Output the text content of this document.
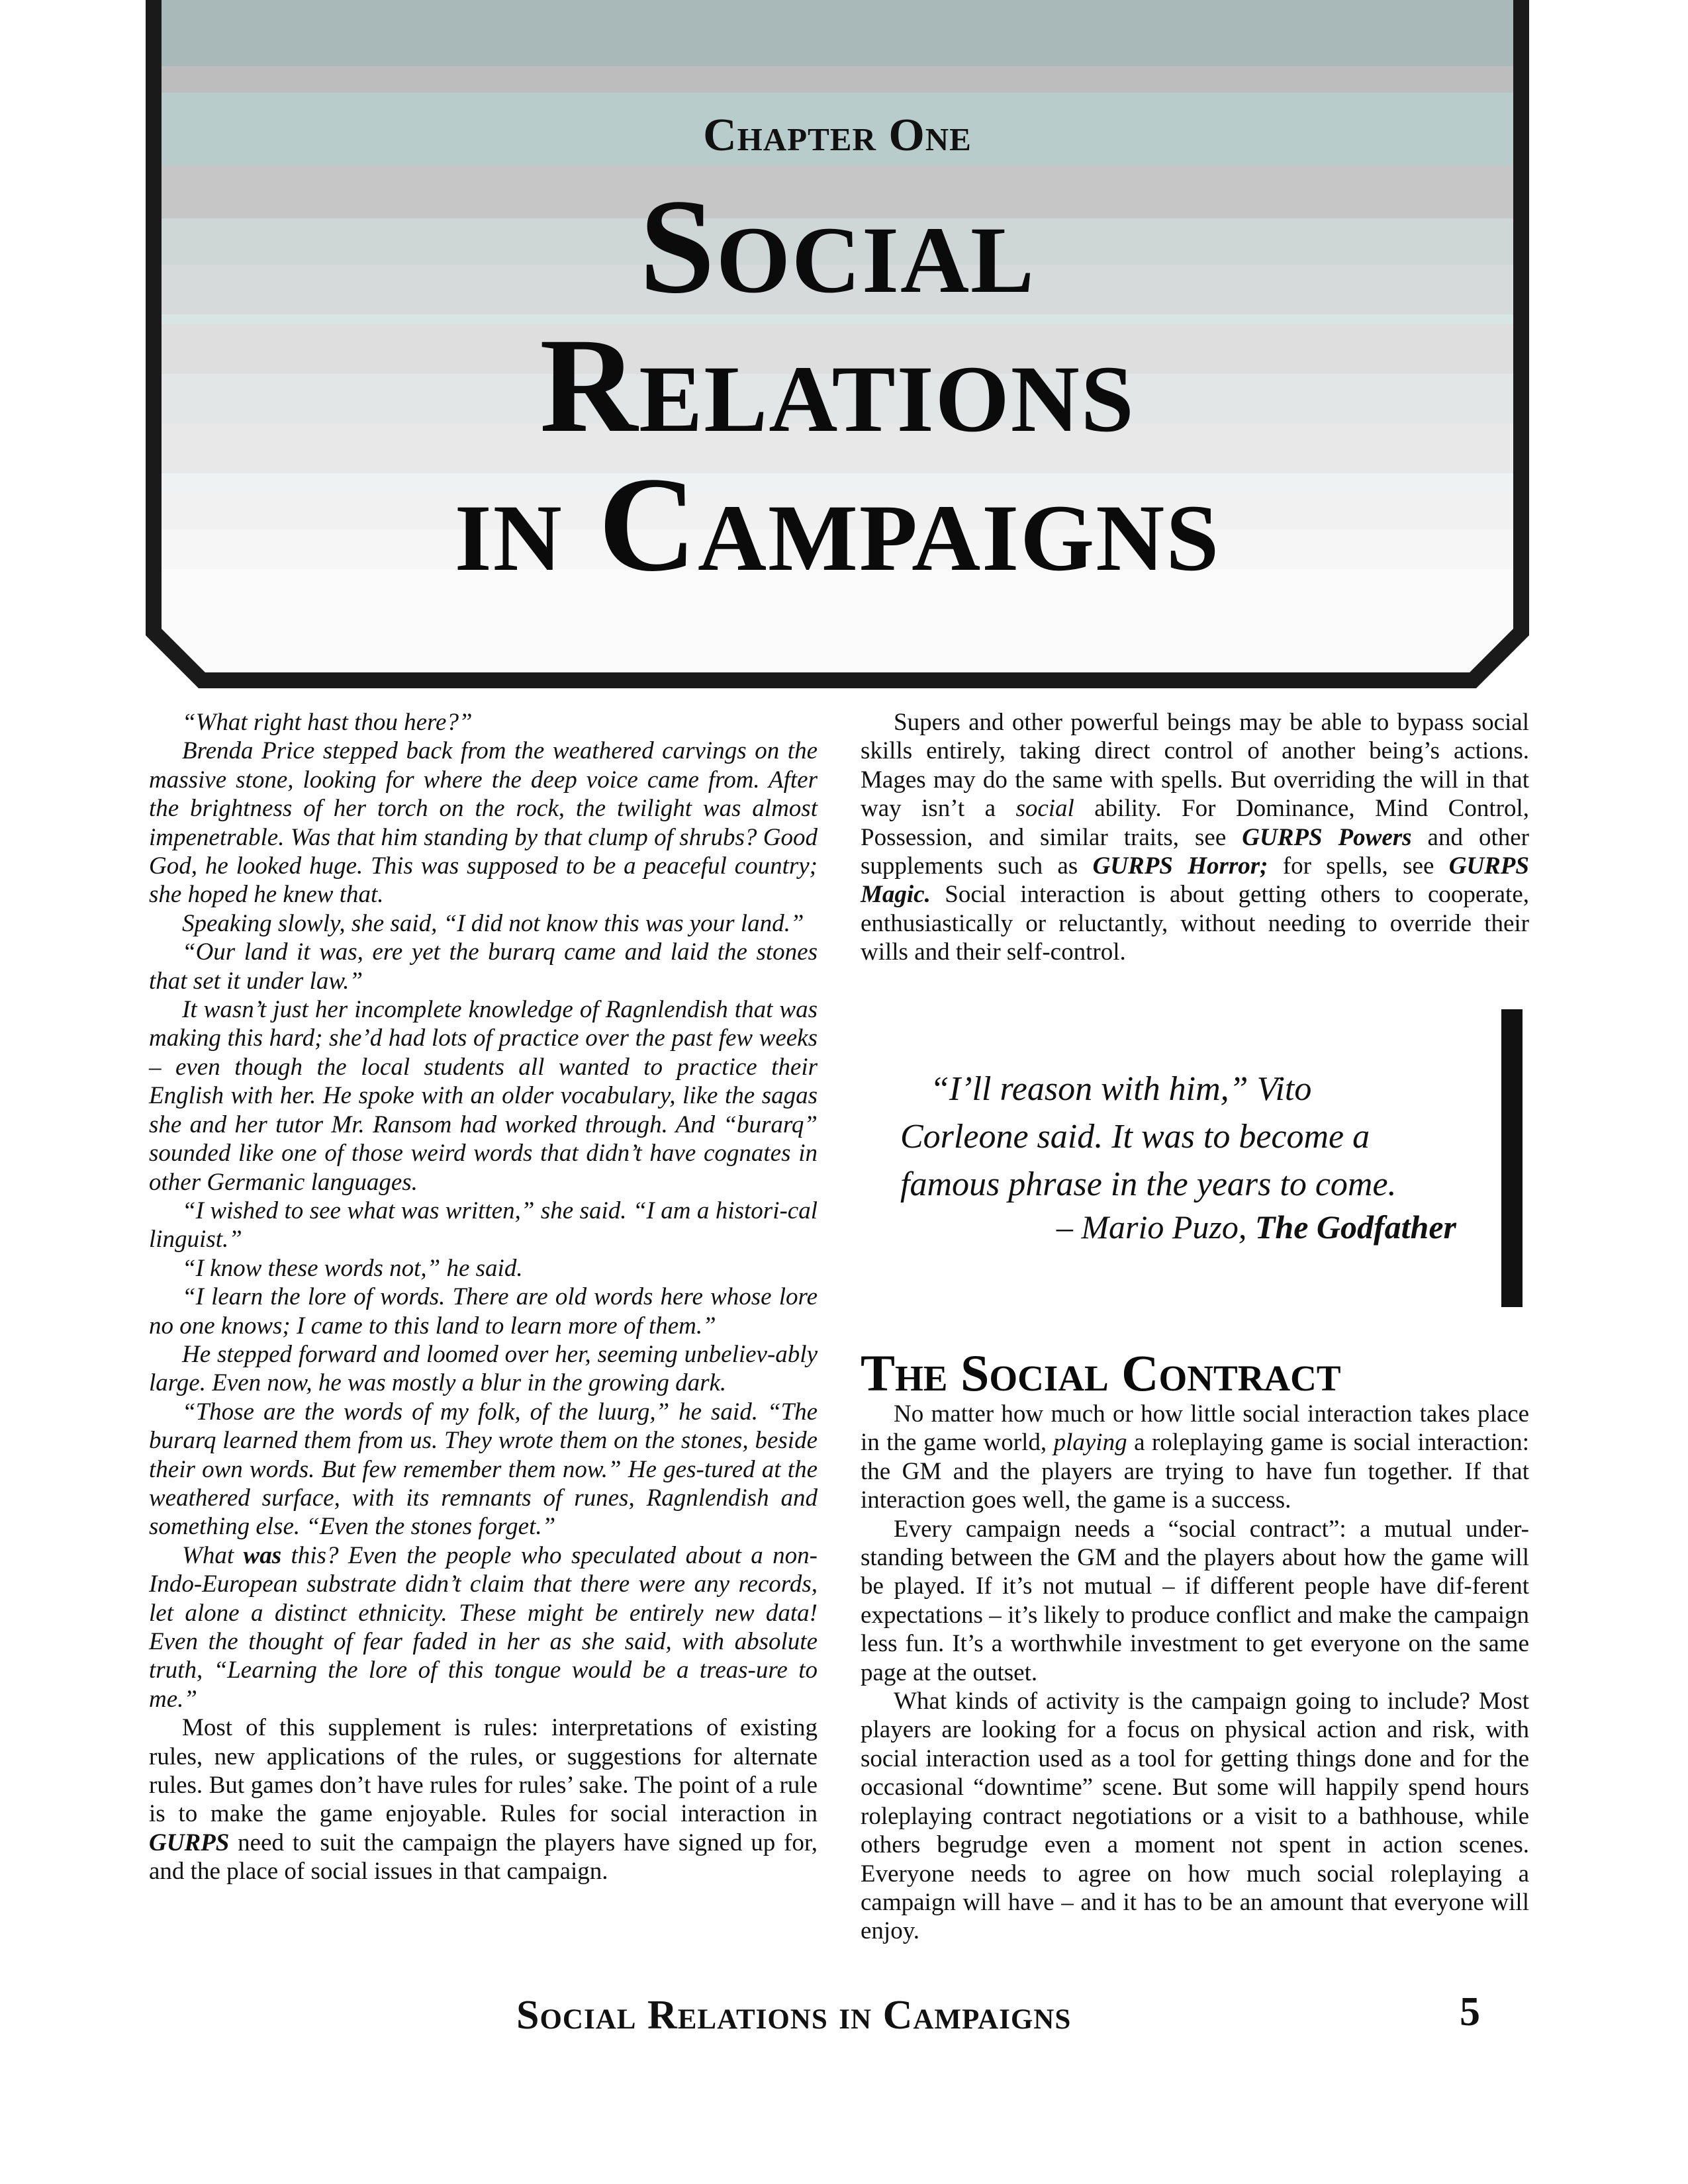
Chapter One
Social
Relations
in Campaigns

“What right hast thou here?”

Brenda Price stepped back from the weathered carvings on the massive stone, looking for where the deep voice came from. After the brightness of her torch on the rock, the twilight was almost impenetrable. Was that him standing by that clump of shrubs? Good God, he looked huge. This was supposed to be a peaceful country; she hoped he knew that.

Speaking slowly, she said, “I did not know this was your land.”

“Our land it was, ere yet the burarq came and laid the stones that set it under law.”

It wasn’t just her incomplete knowledge of Ragnlendish that was making this hard; she’d had lots of practice over the past few weeks – even though the local students all wanted to practice their English with her. He spoke with an older vocabulary, like the sagas she and her tutor Mr. Ransom had worked through. And “burarq” sounded like one of those weird words that didn’t have cognates in other Germanic languages.

“I wished to see what was written,” she said. “I am a histori-cal linguist.”

“I know these words not,” he said.

“I learn the lore of words. There are old words here whose lore no one knows; I came to this land to learn more of them.”

He stepped forward and loomed over her, seeming unbeliev-ably large. Even now, he was mostly a blur in the growing dark.

“Those are the words of my folk, of the luurg,” he said. “The burarq learned them from us. They wrote them on the stones, beside their own words. But few remember them now.” He ges-tured at the weathered surface, with its remnants of runes, Ragnlendish and something else. “Even the stones forget.”

What was this? Even the people who speculated about a non-Indo-European substrate didn’t claim that there were any records, let alone a distinct ethnicity. These might be entirely new data! Even the thought of fear faded in her as she said, with absolute truth, “Learning the lore of this tongue would be a treas-ure to me.”

Most of this supplement is rules: interpretations of existing rules, new applications of the rules, or suggestions for alternate rules. But games don’t have rules for rules’ sake. The point of a rule is to make the game enjoyable. Rules for social interaction in GURPS need to suit the campaign the players have signed up for, and the place of social issues in that campaign.

Supers and other powerful beings may be able to bypass social skills entirely, taking direct control of another being’s actions. Mages may do the same with spells. But overriding the will in that way isn’t a social ability. For Dominance, Mind Control, Possession, and similar traits, see GURPS Powers and other supplements such as GURPS Horror; for spells, see GURPS Magic. Social interaction is about getting others to cooperate, enthusiastically or reluctantly, without needing to override their wills and their self-control.

“I’ll reason with him,” Vito
Corleone said. It was to become a
famous phrase in the years to come.
– Mario Puzo, The Godfather
The Social Contract

No matter how much or how little social interaction takes place in the game world, playing a roleplaying game is social interaction: the GM and the players are trying to have fun together. If that interaction goes well, the game is a success.

Every campaign needs a “social contract”: a mutual under-standing between the GM and the players about how the game will be played. If it’s not mutual – if different people have dif-ferent expectations – it’s likely to produce conflict and make the campaign less fun. It’s a worthwhile investment to get everyone on the same page at the outset.

What kinds of activity is the campaign going to include? Most players are looking for a focus on physical action and risk, with social interaction used as a tool for getting things done and for the occasional “downtime” scene. But some will happily spend hours roleplaying contract negotiations or a visit to a bathhouse, while others begrudge even a moment not spent in action scenes. Everyone needs to agree on how much social roleplaying a campaign will have – and it has to be an amount that everyone will enjoy.

Social Relations in Campaigns	5
